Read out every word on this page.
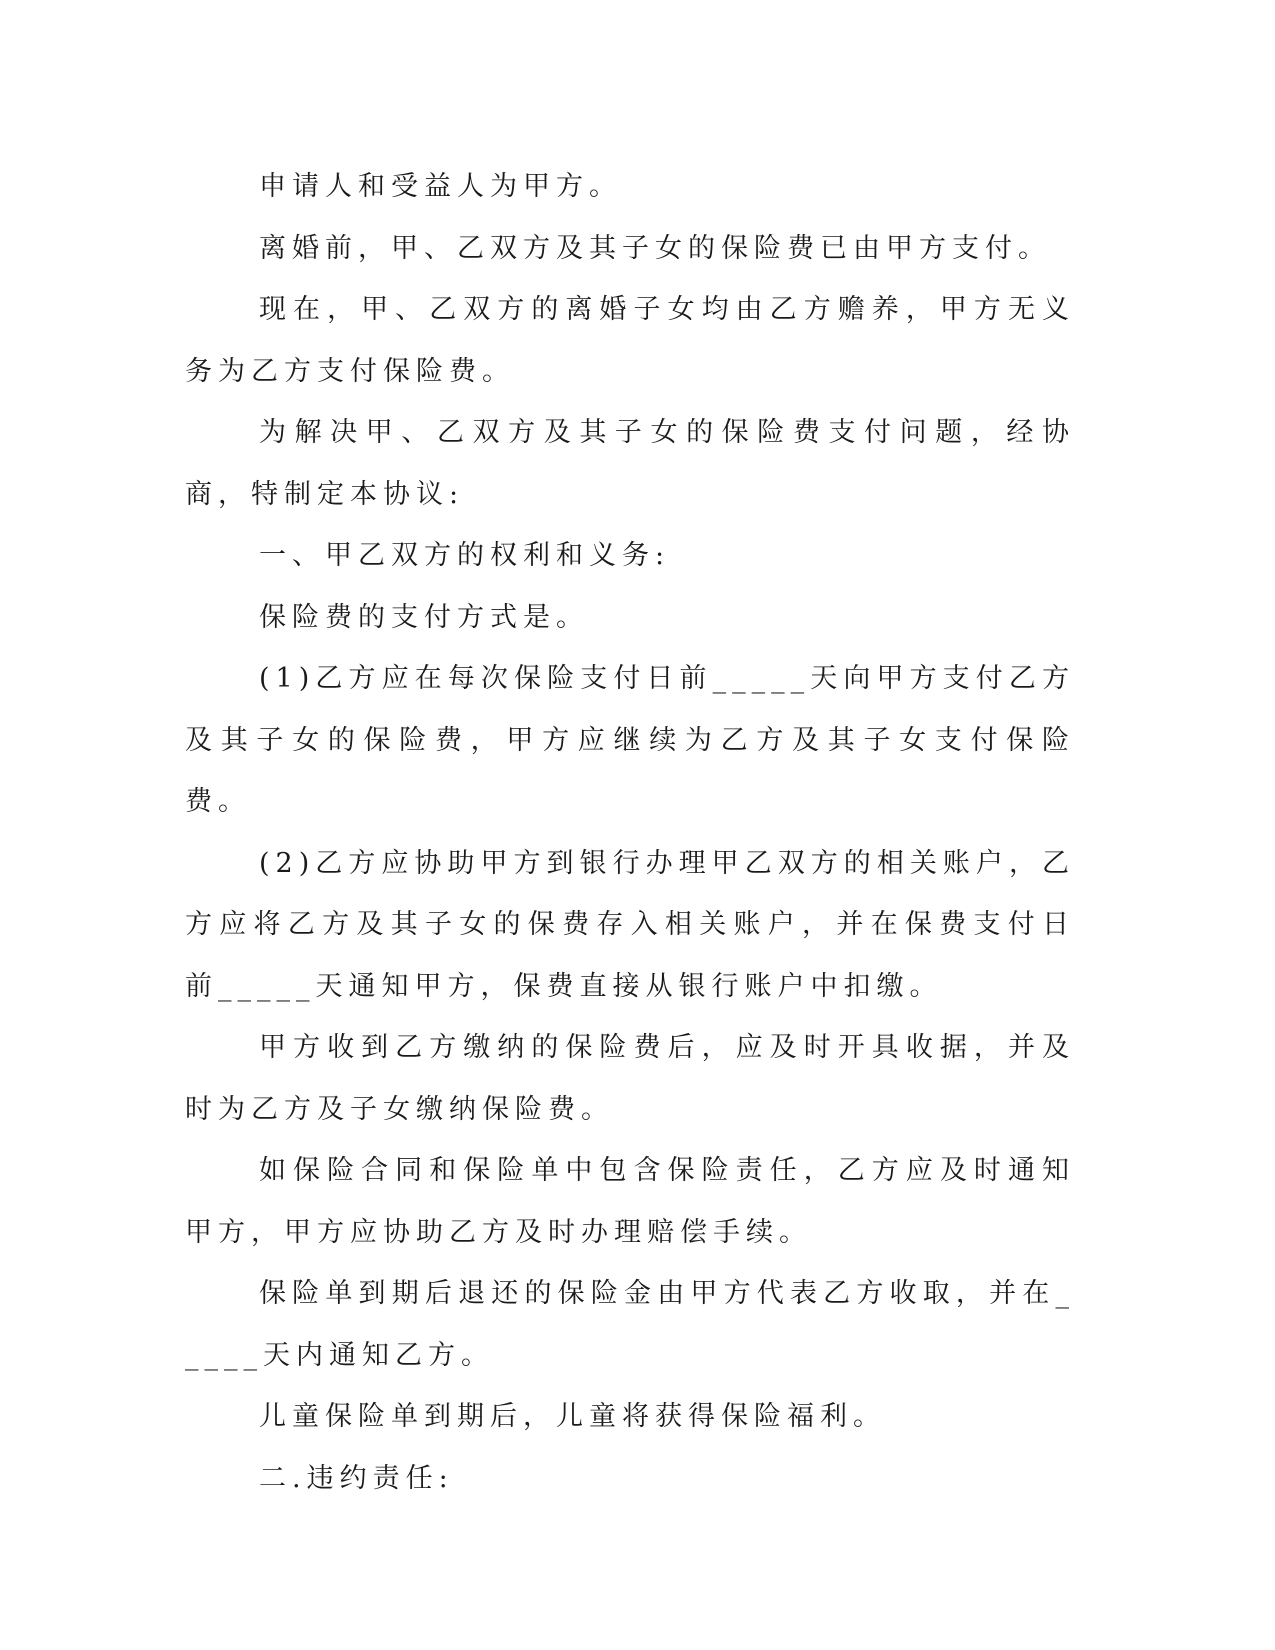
申请人和受益人为甲方。

离婚前，甲、乙双方及其子女的保险费已由甲方支付。

现在，甲、乙双方的离婚子女均由乙方赡养，甲方无义务为乙方支付保险费。

为解决甲、乙双方及其子女的保险费支付问题，经协商，特制定本协议:

一、甲乙双方的权利和义务:

保险费的支付方式是。

(1)乙方应在每次保险支付日前_____天向甲方支付乙方及其子女的保险费，甲方应继续为乙方及其子女支付保险费。

(2)乙方应协助甲方到银行办理甲乙双方的相关账户，乙方应将乙方及其子女的保费存入相关账户，并在保费支付日前_____天通知甲方，保费直接从银行账户中扣缴。

甲方收到乙方缴纳的保险费后，应及时开具收据，并及时为乙方及子女缴纳保险费。

如保险合同和保险单中包含保险责任，乙方应及时通知甲方，甲方应协助乙方及时办理赔偿手续。

保险单到期后退还的保险金由甲方代表乙方收取，并在_____天内通知乙方。

儿童保险单到期后，儿童将获得保险福利。

二.违约责任:
